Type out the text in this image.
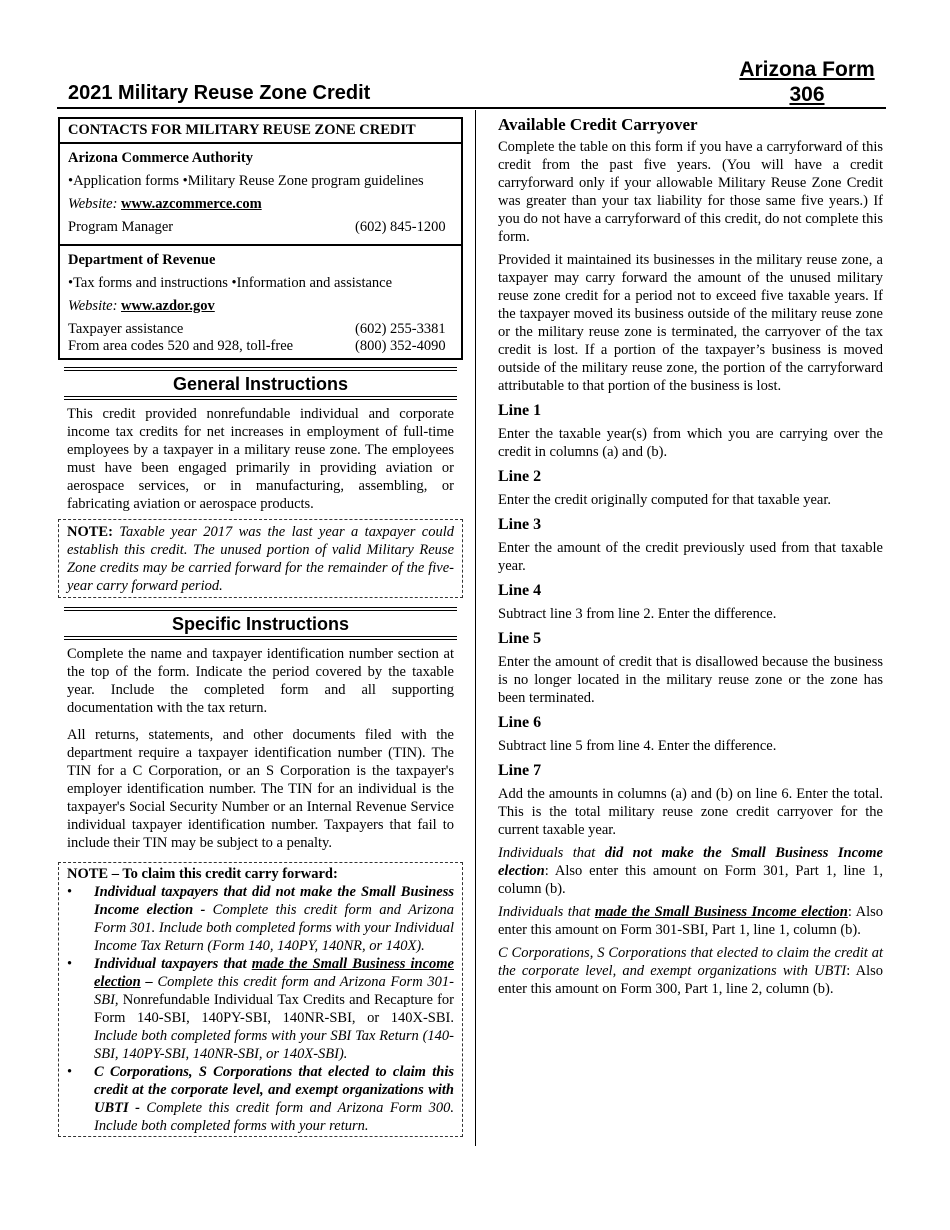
Arizona Form
306
2021 Military Reuse Zone Credit
CONTACTS FOR MILITARY REUSE ZONE CREDIT
Arizona Commerce Authority
•Application forms •Military Reuse Zone program guidelines
Website: www.azcommerce.com
Program Manager	(602) 845-1200
Department of Revenue
•Tax forms and instructions •Information and assistance
Website: www.azdor.gov
Taxpayer assistance	(602) 255-3381
From area codes 520 and 928, toll-free	(800) 352-4090
General Instructions
This credit provided nonrefundable individual and corporate income tax credits for net increases in employment of full-time employees by a taxpayer in a military reuse zone. The employees must have been engaged primarily in providing aviation or aerospace services, or in manufacturing, assembling, or fabricating aviation or aerospace products.
NOTE: Taxable year 2017 was the last year a taxpayer could establish this credit. The unused portion of valid Military Reuse Zone credits may be carried forward for the remainder of the five-year carry forward period.
Specific Instructions
Complete the name and taxpayer identification number section at the top of the form. Indicate the period covered by the taxable year. Include the completed form and all supporting documentation with the tax return.
All returns, statements, and other documents filed with the department require a taxpayer identification number (TIN). The TIN for a C Corporation, or an S Corporation is the taxpayer's employer identification number. The TIN for an individual is the taxpayer's Social Security Number or an Internal Revenue Service individual taxpayer identification number. Taxpayers that fail to include their TIN may be subject to a penalty.
NOTE – To claim this credit carry forward:
• Individual taxpayers that did not make the Small Business Income election - Complete this credit form and Arizona Form 301. Include both completed forms with your Individual Income Tax Return (Form 140, 140PY, 140NR, or 140X).
• Individual taxpayers that made the Small Business income election – Complete this credit form and Arizona Form 301-SBI, Nonrefundable Individual Tax Credits and Recapture for Form 140-SBI, 140PY-SBI, 140NR-SBI, or 140X-SBI. Include both completed forms with your SBI Tax Return (140-SBI, 140PY-SBI, 140NR-SBI, or 140X-SBI).
• C Corporations, S Corporations that elected to claim this credit at the corporate level, and exempt organizations with UBTI - Complete this credit form and Arizona Form 300. Include both completed forms with your return.
Available Credit Carryover

Complete the table on this form if you have a carryforward of this credit from the past five years. (You will have a credit carryforward only if your allowable Military Reuse Zone Credit was greater than your tax liability for those same five years.) If you do not have a carryforward of this credit, do not complete this form.

Provided it maintained its businesses in the military reuse zone, a taxpayer may carry forward the amount of the unused military reuse zone credit for a period not to exceed five taxable years. If the taxpayer moved its business outside of the military reuse zone or the military reuse zone is terminated, the carryover of the tax credit is lost. If a portion of the taxpayer’s business is moved outside of the military reuse zone, the portion of the carryforward attributable to that portion of the business is lost.

Line 1

Enter the taxable year(s) from which you are carrying over the credit in columns (a) and (b).

Line 2

Enter the credit originally computed for that taxable year.

Line 3

Enter the amount of the credit previously used from that taxable year.

Line 4

Subtract line 3 from line 2. Enter the difference.

Line 5

Enter the amount of credit that is disallowed because the business is no longer located in the military reuse zone or the zone has been terminated.

Line 6

Subtract line 5 from line 4. Enter the difference.

Line 7

Add the amounts in columns (a) and (b) on line 6. Enter the total. This is the total military reuse zone credit carryover for the current taxable year.

Individuals that did not make the Small Business Income election: Also enter this amount on Form 301, Part 1, line 1, column (b).

Individuals that made the Small Business Income election: Also enter this amount on Form 301-SBI, Part 1, line 1, column (b).

C Corporations, S Corporations that elected to claim the credit at the corporate level, and exempt organizations with UBTI: Also enter this amount on Form 300, Part 1, line 2, column (b).
